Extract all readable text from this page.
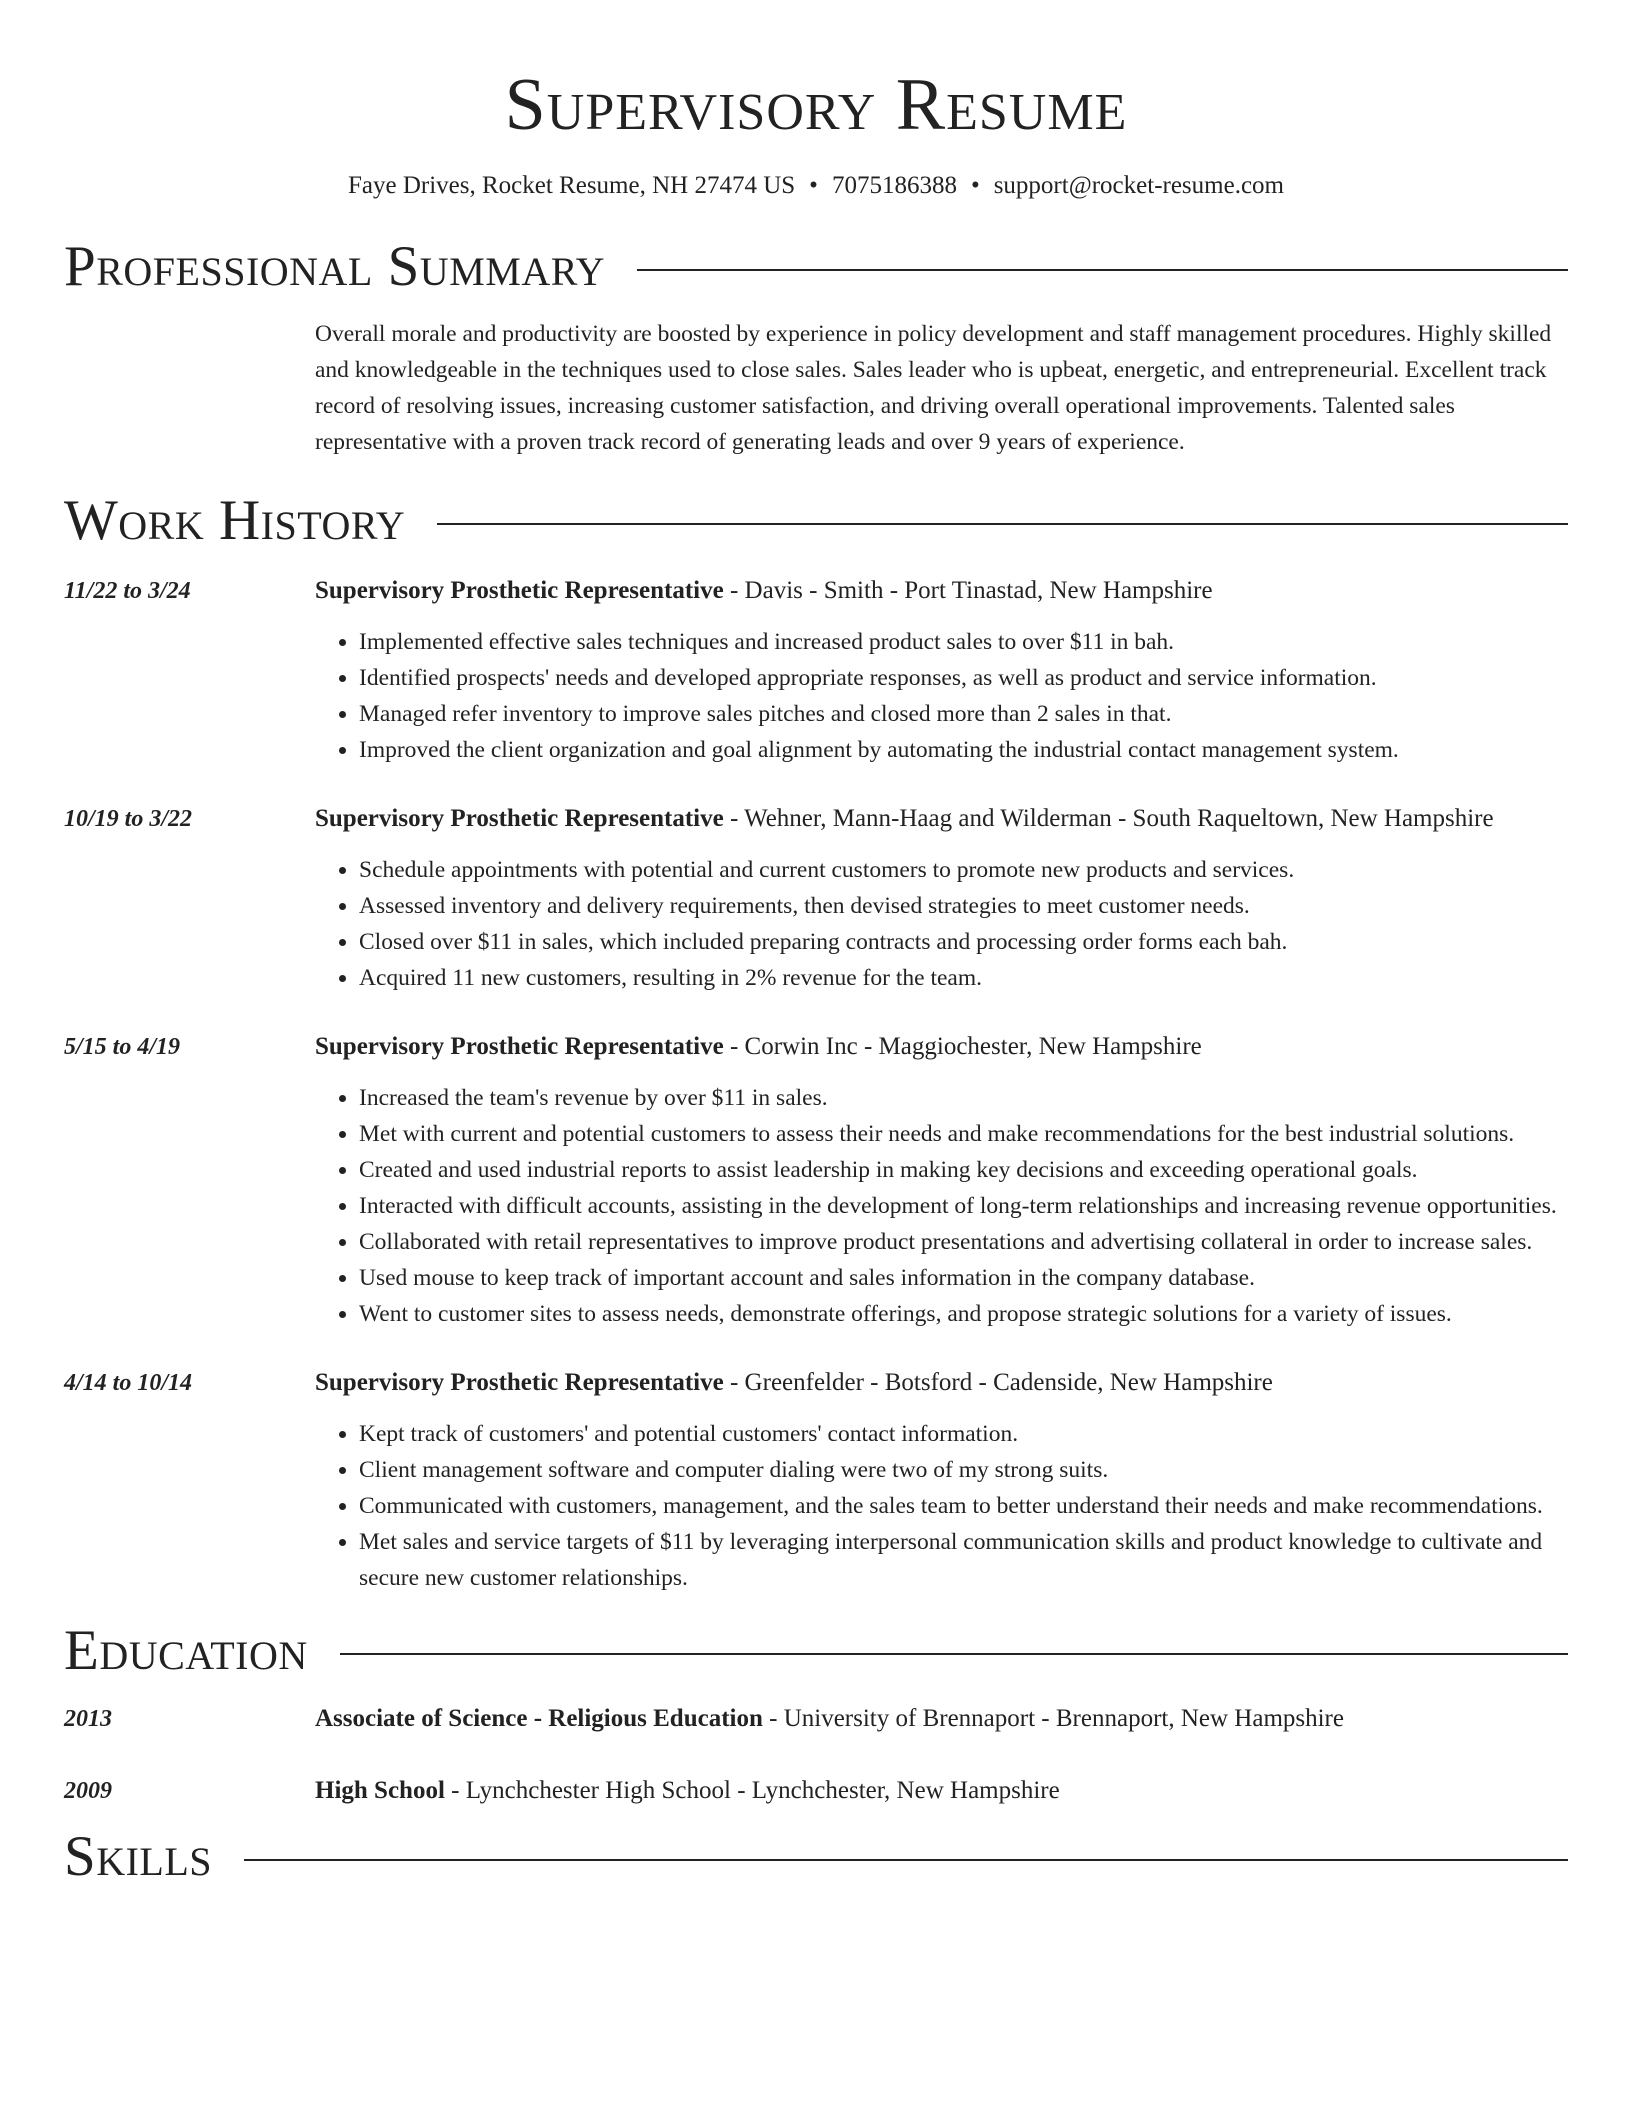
Supervisory Resume
Faye Drives, Rocket Resume, NH 27474 US • 7075186388 • support@rocket-resume.com
Professional Summary
Overall morale and productivity are boosted by experience in policy development and staff management procedures. Highly skilled and knowledgeable in the techniques used to close sales. Sales leader who is upbeat, energetic, and entrepreneurial. Excellent track record of resolving issues, increasing customer satisfaction, and driving overall operational improvements. Talented sales representative with a proven track record of generating leads and over 9 years of experience.
Work History
11/22 to 3/24	Supervisory Prosthetic Representative - Davis - Smith - Port Tinastad, New Hampshire
• Implemented effective sales techniques and increased product sales to over $11 in bah.
• Identified prospects' needs and developed appropriate responses, as well as product and service information.
• Managed refer inventory to improve sales pitches and closed more than 2 sales in that.
• Improved the client organization and goal alignment by automating the industrial contact management system.
10/19 to 3/22	Supervisory Prosthetic Representative - Wehner, Mann-Haag and Wilderman - South Raqueltown, New Hampshire
• Schedule appointments with potential and current customers to promote new products and services.
• Assessed inventory and delivery requirements, then devised strategies to meet customer needs.
• Closed over $11 in sales, which included preparing contracts and processing order forms each bah.
• Acquired 11 new customers, resulting in 2% revenue for the team.
5/15 to 4/19	Supervisory Prosthetic Representative - Corwin Inc - Maggiochester, New Hampshire
• Increased the team's revenue by over $11 in sales.
• Met with current and potential customers to assess their needs and make recommendations for the best industrial solutions.
• Created and used industrial reports to assist leadership in making key decisions and exceeding operational goals.
• Interacted with difficult accounts, assisting in the development of long-term relationships and increasing revenue opportunities.
• Collaborated with retail representatives to improve product presentations and advertising collateral in order to increase sales.
• Used mouse to keep track of important account and sales information in the company database.
• Went to customer sites to assess needs, demonstrate offerings, and propose strategic solutions for a variety of issues.
4/14 to 10/14	Supervisory Prosthetic Representative - Greenfelder - Botsford - Cadenside, New Hampshire
• Kept track of customers' and potential customers' contact information.
• Client management software and computer dialing were two of my strong suits.
• Communicated with customers, management, and the sales team to better understand their needs and make recommendations.
• Met sales and service targets of $11 by leveraging interpersonal communication skills and product knowledge to cultivate and secure new customer relationships.
Education
2013	Associate of Science - Religious Education - University of Brennaport - Brennaport, New Hampshire
2009	High School - Lynchchester High School - Lynchchester, New Hampshire
Skills
